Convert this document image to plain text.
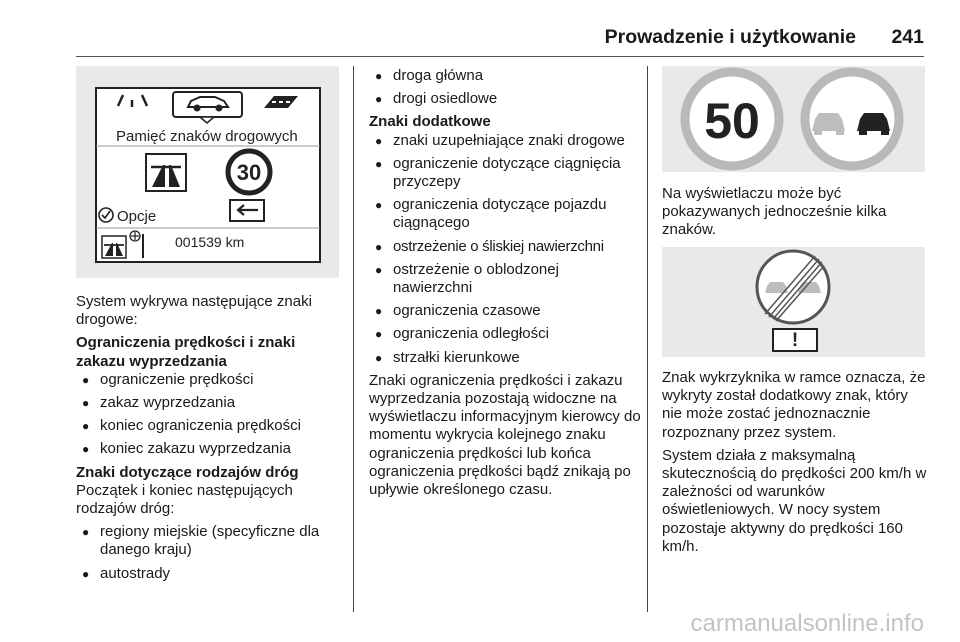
Prowadzenie i użytkowanie 241
Pamięć znaków drogowych
30
Opcje
001539 km

System wykrywa następujące znaki drogowe:

Ograniczenia prędkości i znaki zakazu wyprzedzania

● ograniczenie prędkości
● zakaz wyprzedzania
● koniec ograniczenia prędkości
● koniec zakazu wyprzedzania

Znaki dotyczące rodzajów dróg

Początek i koniec następujących rodzajów dróg:

● regiony miejskie (specyficzne dla danego kraju)
● autostrady
● droga główna
● drogi osiedlowe

Znaki dodatkowe

● znaki uzupełniające znaki drogowe
● ograniczenie dotyczące ciągnięcia przyczepy
● ograniczenia dotyczące pojazdu ciągnącego
● ostrzeżenie o śliskiej nawierzchni
● ostrzeżenie o oblodzonej nawierzchni
● ograniczenia czasowe
● ograniczenia odległości
● strzałki kierunkowe

Znaki ograniczenia prędkości i zakazu wyprzedzania pozostają widoczne na wyświetlaczu informacyjnym kierowcy do momentu wykrycia kolejnego znaku ograniczenia prędkości lub końca ograniczenia prędkości bądź znikają po upływie określonego czasu.

50

Na wyświetlaczu może być pokazywanych jednocześnie kilka znaków.

!

Znak wykrzyknika w ramce oznacza, że wykryty został dodatkowy znak, który nie może zostać jednoznacznie rozpoznany przez system.

System działa z maksymalną skutecznością do prędkości 200 km/h w zależności od warunków oświetleniowych. W nocy system pozostaje aktywny do prędkości 160 km/h.

carmanualsonline.info
